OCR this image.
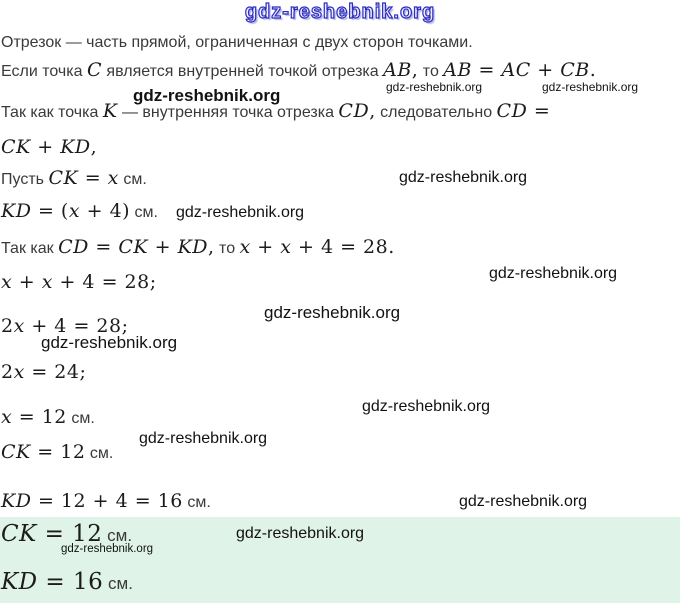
gdz-reshebnik.org
Отрезок — часть прямой, ограниченная с двух сторон точками.
Если точка C является внутренней точкой отрезка AB, то AB = AC + CB.
Так как точка K — внутренняя точка отрезка CD, следовательно CD =
CK + KD,
Пусть CK = x см.
KD = (x + 4) см.
Так как CD = CK + KD, то x + x + 4 = 28.
x + x + 4 = 28;
2x + 4 = 28;
2x = 24;
x = 12 см.
CK = 12 см.
KD = 12 + 4 = 16 см.
CK = 12 см.
KD = 16 см.
gdz-reshebnik.org	gdz-reshebnik.org
gdz-reshebnik.org
gdz-reshebnik.org
gdz-reshebnik.org
gdz-reshebnik.org
gdz-reshebnik.org
gdz-reshebnik.org
gdz-reshebnik.org
gdz-reshebnik.org
gdz-reshebnik.org
gdz-reshebnik.org
gdz-reshebnik.org
